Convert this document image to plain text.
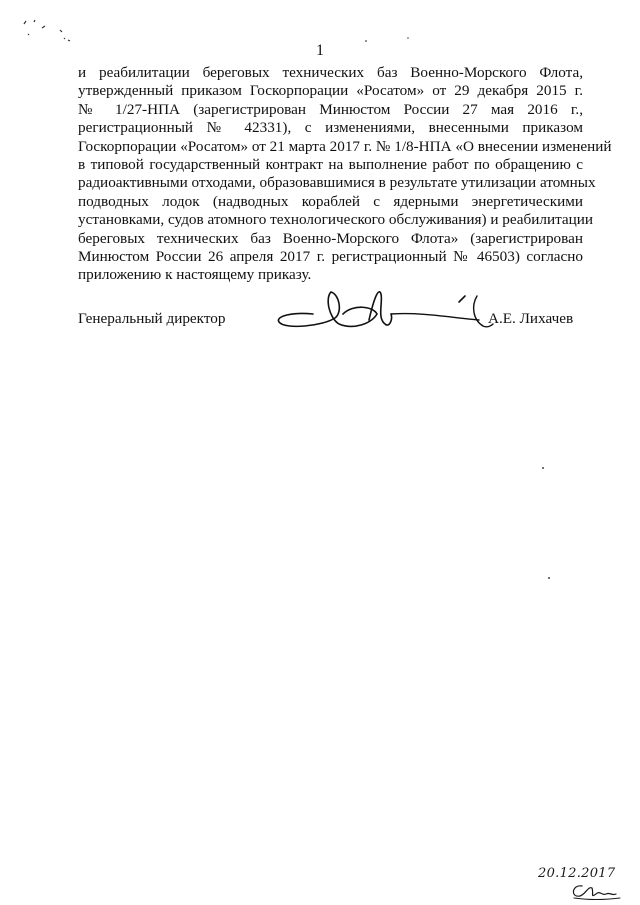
1
и реабилитации береговых технических баз Военно-Морского Флота,
утвержденный приказом Госкорпорации «Росатом» от 29 декабря 2015 г.
№ 1/27-НПА (зарегистрирован Минюстом России 27 мая 2016 г.,
регистрационный № 42331), с изменениями, внесенными приказом
Госкорпорации «Росатом» от 21 марта 2017 г. № 1/8-НПА «О внесении изменений
в типовой государственный контракт на выполнение работ по обращению с
радиоактивными отходами, образовавшимися в результате утилизации атомных
подводных лодок (надводных кораблей с ядерными энергетическими
установками, судов атомного технологического обслуживания) и реабилитации
береговых технических баз Военно-Морского Флота» (зарегистрирован
Минюстом России 26 апреля 2017 г. регистрационный № 46503) согласно
приложению к настоящему приказу.
Генеральный директор	А.Е. Лихачев
20.12.2017
